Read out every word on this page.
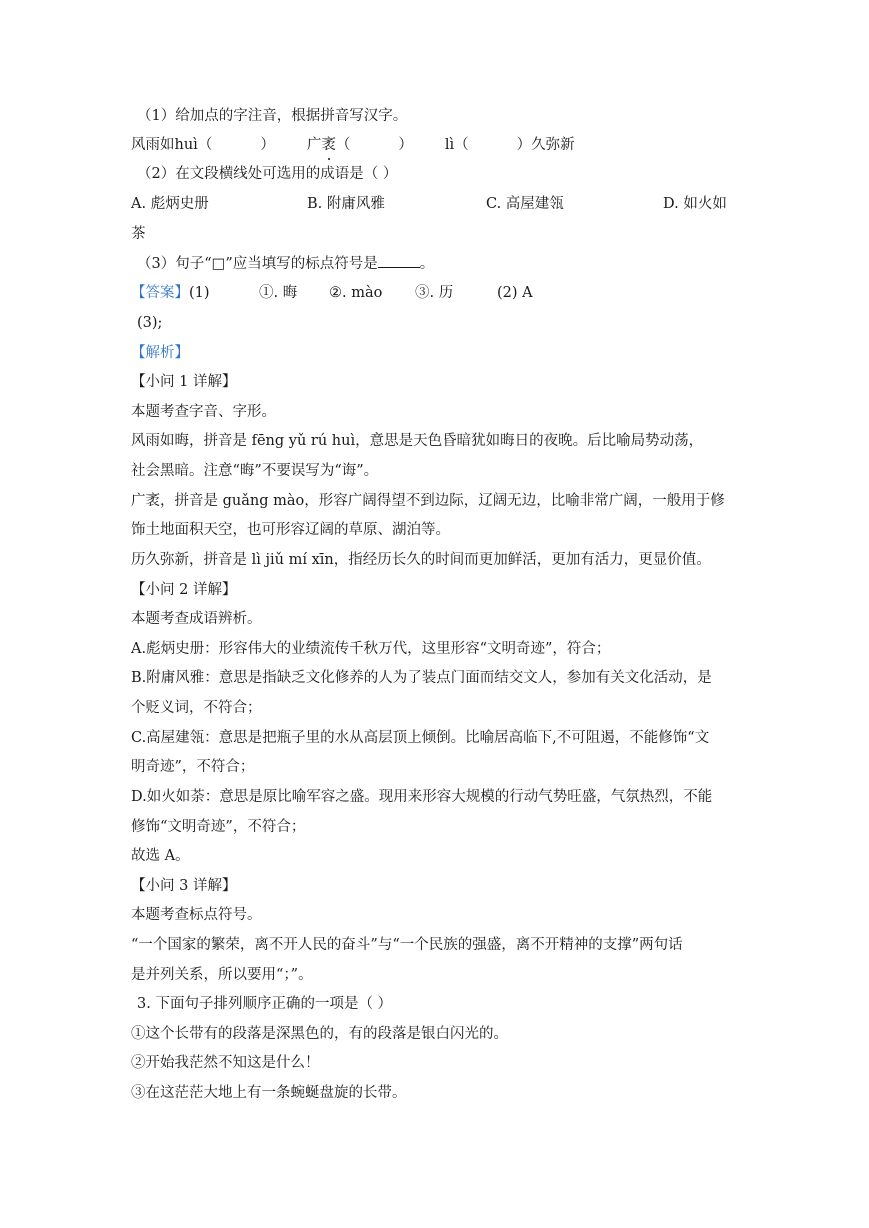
（1）给加点的字注音，根据拼音写汉字。
风雨如huì（	） 广袤（	） lì（	）久弥新
（2）在文段横线处可选用的成语是（ ）
A. 彪炳史册	B. 附庸风雅	C. 高屋建瓴	D. 如火如
茶
（3）句子“□”应当填写的标点符号是	。
【答案】(1)	①. 晦 ②. mào ③. 历	(2) A
(3);
【解析】
【小问 1 详解】
本题考查字音、字形。
风雨如晦，拼音是 fēng yǔ rú huì，意思是天色昏暗犹如晦日的夜晚。后比喻局势动荡，
社会黑暗。注意“晦”不要误写为“诲”。
广袤，拼音是 guǎng mào，形容广阔得望不到边际，辽阔无边，比喻非常广阔，一般用于修
饰土地面积天空，也可形容辽阔的草原、湖泊等。
历久弥新，拼音是 lì jiǔ mí xīn，指经历长久的时间而更加鲜活，更加有活力，更显价值。
【小问 2 详解】
本题考查成语辨析。
A.彪炳史册：形容伟大的业绩流传千秋万代，这里形容“文明奇迹”，符合；
B.附庸风雅：意思是指缺乏文化修养的人为了装点门面而结交文人，参加有关文化活动，是
个贬义词，不符合；
C.高屋建瓴：意思是把瓶子里的水从高层顶上倾倒。比喻居高临下,不可阻遏，不能修饰“文
明奇迹”，不符合；
D.如火如荼：意思是原比喻军容之盛。现用来形容大规模的行动气势旺盛，气氛热烈，不能
修饰“文明奇迹”，不符合；
故选 A。
【小问 3 详解】
本题考查标点符号。
“一个国家的繁荣，离不开人民的奋斗”与“一个民族的强盛，离不开精神的支撑”两句话
是并列关系，所以要用“；”。
3. 下面句子排列顺序正确的一项是（ ）
①这个长带有的段落是深黑色的，有的段落是银白闪光的。
②开始我茫然不知这是什么！
③在这茫茫大地上有一条蜿蜒盘旋的长带。
